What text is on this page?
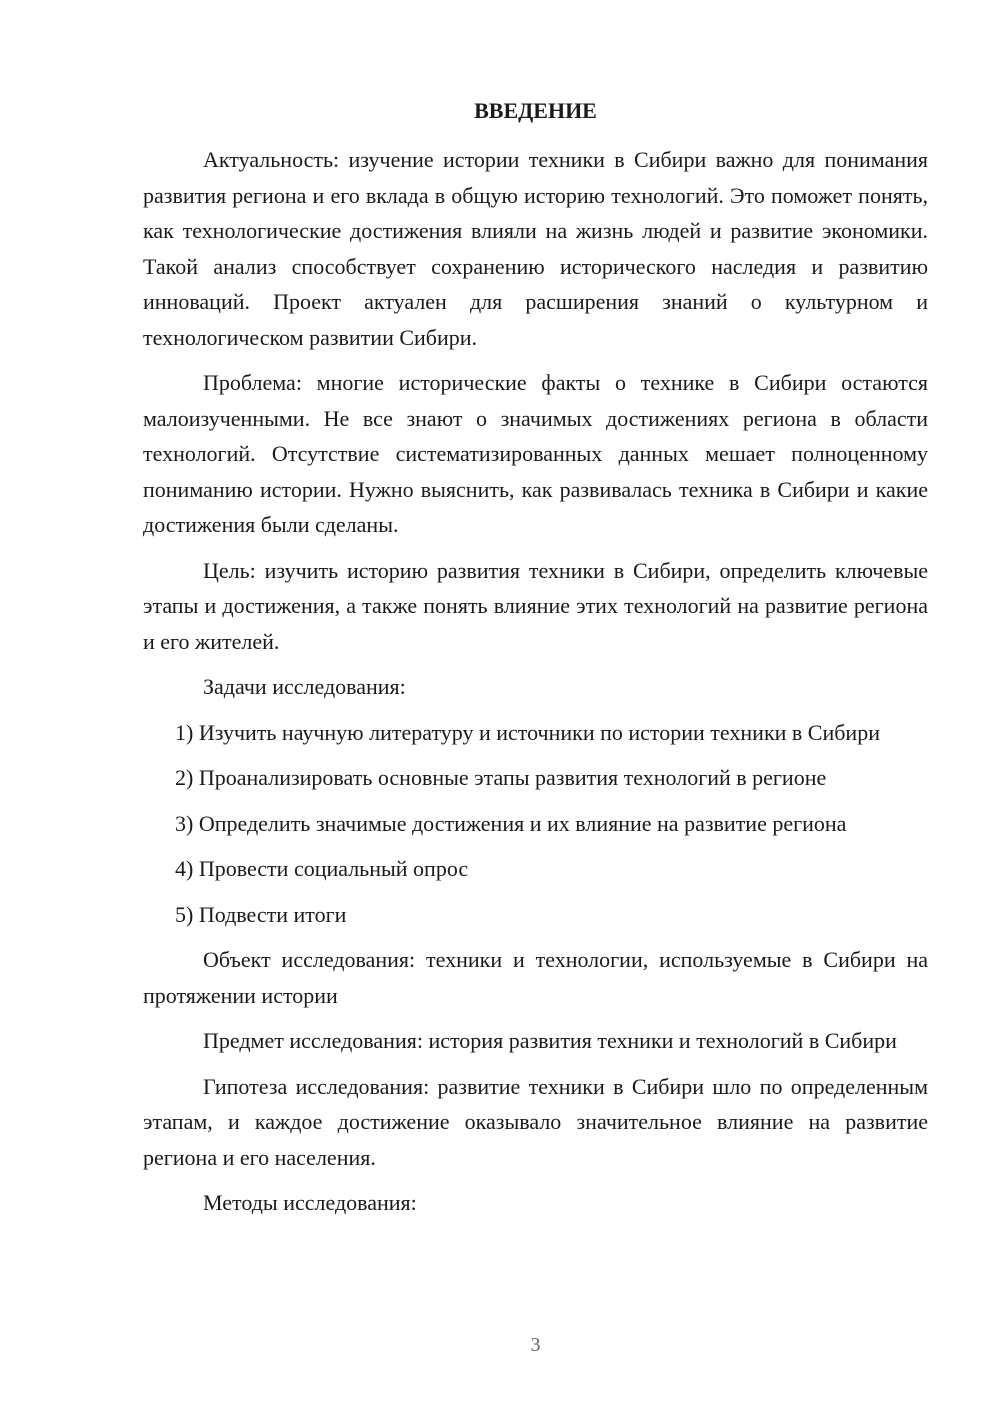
ВВЕДЕНИЕ

Актуальность: изучение истории техники в Сибири важно для понимания развития региона и его вклада в общую историю технологий. Это поможет понять, как технологические достижения влияли на жизнь людей и развитие экономики. Такой анализ способствует сохранению исторического наследия и развитию инноваций. Проект актуален для расширения знаний о культурном и технологическом развитии Сибири.

Проблема: многие исторические факты о технике в Сибири остаются малоизученными. Не все знают о значимых достижениях региона в области технологий. Отсутствие систематизированных данных мешает полноценному пониманию истории. Нужно выяснить, как развивалась техника в Сибири и какие достижения были сделаны.

Цель: изучить историю развития техники в Сибири, определить ключевые этапы и достижения, а также понять влияние этих технологий на развитие региона и его жителей.

Задачи исследования:

1) Изучить научную литературу и источники по истории техники в Сибири

2) Проанализировать основные этапы развития технологий в регионе

3) Определить значимые достижения и их влияние на развитие региона

4) Провести социальный опрос

5) Подвести итоги

Объект исследования: техники и технологии, используемые в Сибири на протяжении истории

Предмет исследования: история развития техники и технологий в Сибири

Гипотеза исследования: развитие техники в Сибири шло по определенным этапам, и каждое достижение оказывало значительное влияние на развитие региона и его населения.

Методы исследования:

3
